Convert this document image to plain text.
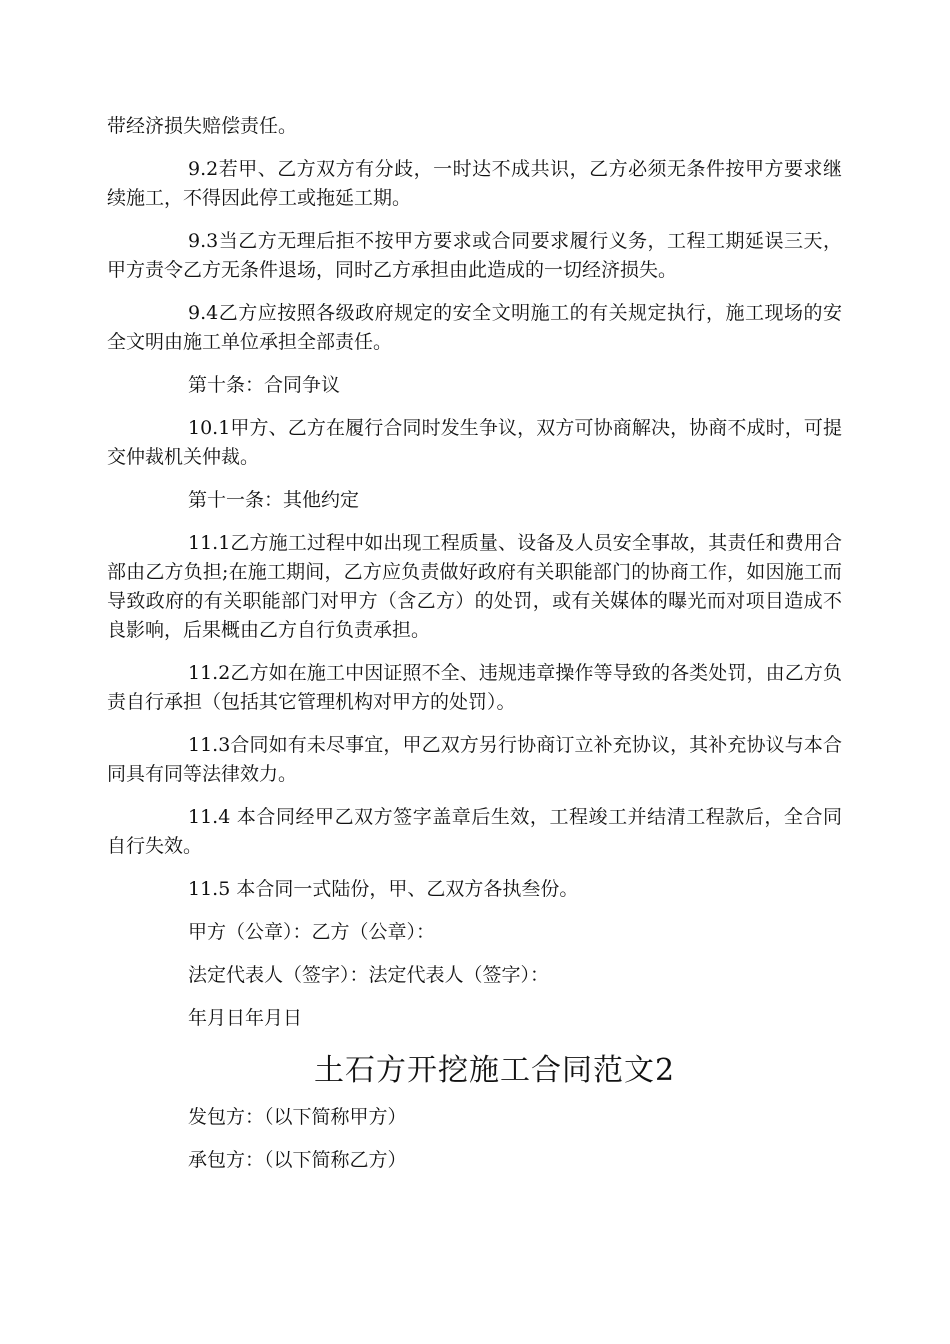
带经济损失赔偿责任。

9.2若甲、乙方双方有分歧，一时达不成共识，乙方必须无条件按甲方要求继续施工，不得因此停工或拖延工期。

9.3当乙方无理后拒不按甲方要求或合同要求履行义务，工程工期延误三天，甲方责令乙方无条件退场，同时乙方承担由此造成的一切经济损失。

9.4乙方应按照各级政府规定的安全文明施工的有关规定执行，施工现场的安全文明由施工单位承担全部责任。

第十条：合同争议

10.1甲方、乙方在履行合同时发生争议，双方可协商解决，协商不成时，可提交仲裁机关仲裁。

第十一条：其他约定

11.1乙方施工过程中如出现工程质量、设备及人员安全事故，其责任和费用合部由乙方负担;在施工期间，乙方应负责做好政府有关职能部门的协商工作，如因施工而导致政府的有关职能部门对甲方（含乙方）的处罚，或有关媒体的曝光而对项目造成不良影响，后果概由乙方自行负责承担。

11.2乙方如在施工中因证照不全、违规违章操作等导致的各类处罚，由乙方负责自行承担（包括其它管理机构对甲方的处罚）。

11.3合同如有未尽事宜，甲乙双方另行协商订立补充协议，其补充协议与本合同具有同等法律效力。

11.4 本合同经甲乙双方签字盖章后生效，工程竣工并结清工程款后，全合同自行失效。

11.5 本合同一式陆份，甲、乙双方各执叁份。

甲方（公章）：乙方（公章）：

法定代表人（签字）：法定代表人（签字）：

年月日年月日

土石方开挖施工合同范文2

发包方：（以下简称甲方）

承包方：（以下简称乙方）
